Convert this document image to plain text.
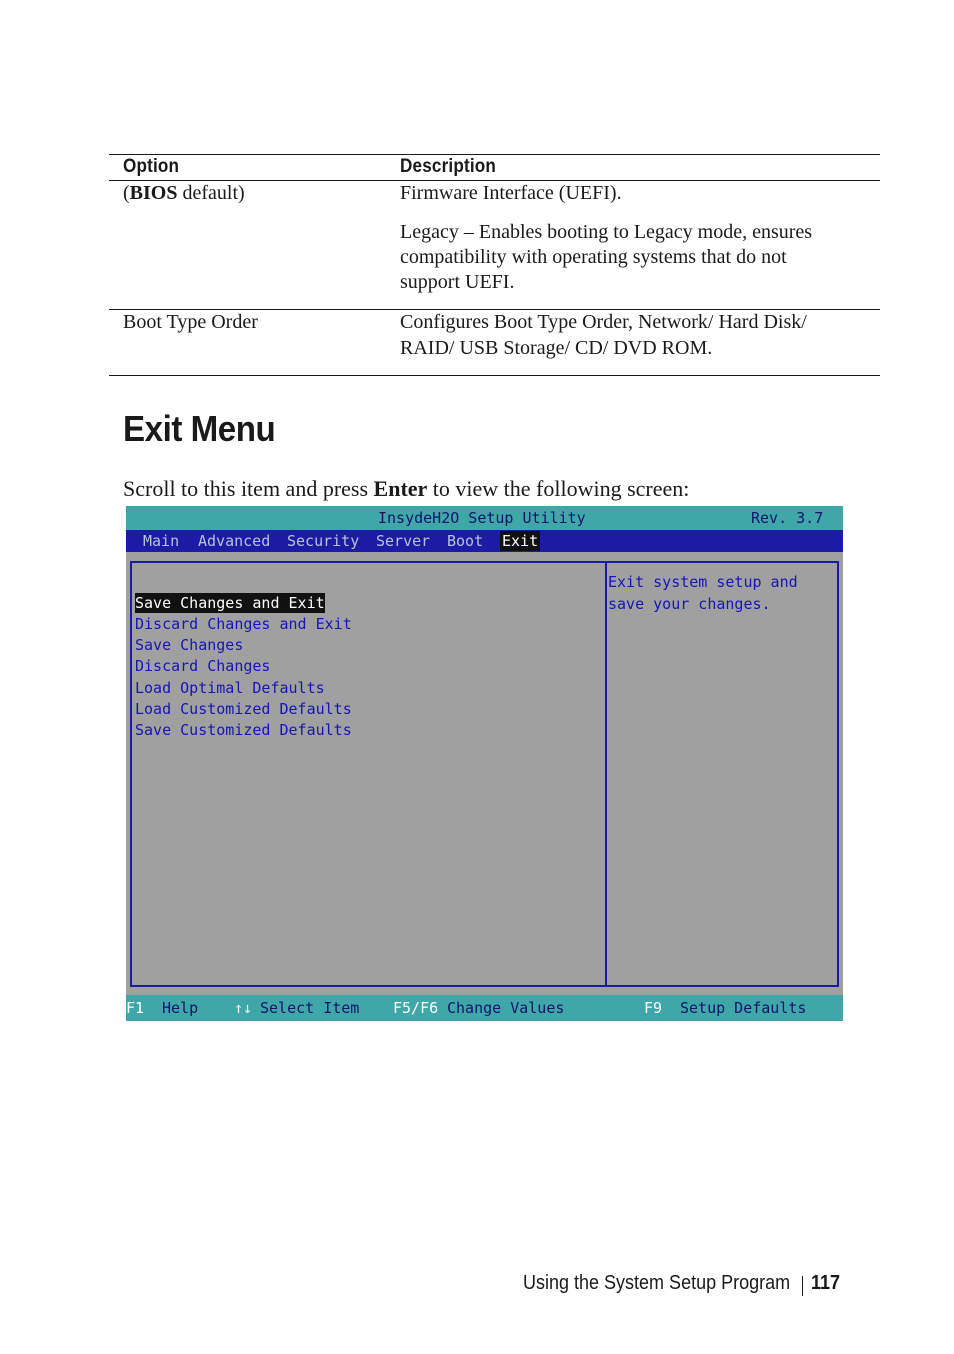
Option	Description
(BIOS default)	Firmware Interface (UEFI).
Legacy – Enables booting to Legacy mode, ensures
compatibility with operating systems that do not
support UEFI.
Boot Type Order	Configures Boot Type Order, Network/ Hard Disk/
RAID/ USB Storage/ CD/ DVD ROM.
Exit Menu
Scroll to this item and press Enter to view the following screen:
InsydeH2O Setup Utility	Rev. 3.7
Main Advanced Security Server Boot Exit
Save Changes and Exit
Discard Changes and Exit
Save Changes
Discard Changes
Load Optimal Defaults
Load Customized Defaults
Save Customized Defaults
Exit system setup and
save your changes.
F1 Help ↑↓ Select Item F5/F6 Change Values	F9 Setup Defaults
Using the System Setup Program 117
